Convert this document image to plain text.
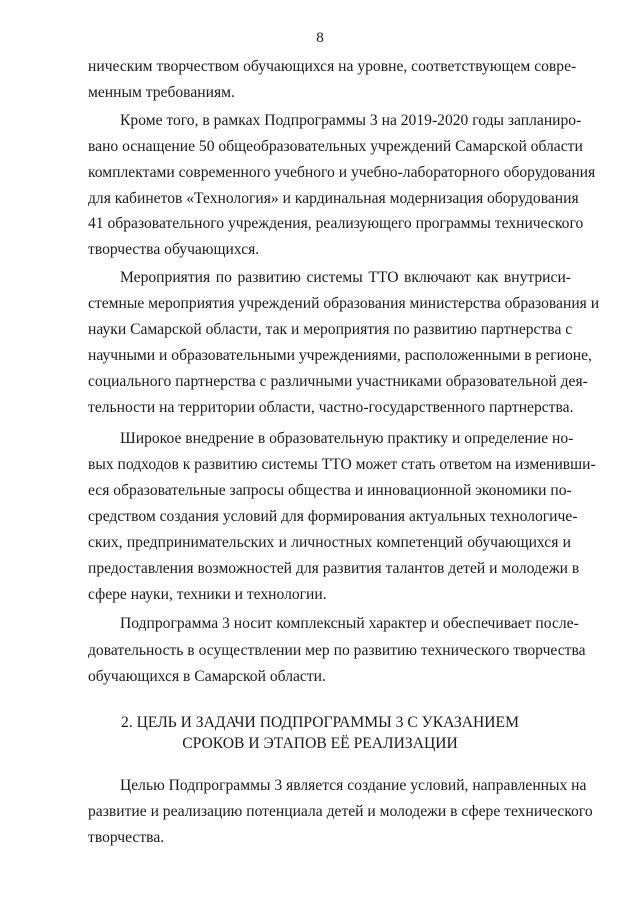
8
ническим творчеством обучающихся на уровне, соответствующем совре-
менным требованиям.
Кроме того, в рамках Подпрограммы 3 на 2019-2020 годы запланиро-
вано оснащение 50 общеобразовательных учреждений Самарской области
комплектами современного учебного и учебно-лабораторного оборудования
для кабинетов «Технология» и кардинальная модернизация оборудования
41 образовательного учреждения, реализующего программы технического
творчества обучающихся.
Мероприятия по развитию системы ТТО включают как внутриси-
стемные мероприятия учреждений образования министерства образования и
науки Самарской области, так и мероприятия по развитию партнерства с
научными и образовательными учреждениями, расположенными в регионе,
социального партнерства с различными участниками образовательной дея-
тельности на территории области, частно-государственного партнерства.
Широкое внедрение в образовательную практику и определение но-
вых подходов к развитию системы ТТО может стать ответом на изменивши-
еся образовательные запросы общества и инновационной экономики по-
средством создания условий для формирования актуальных технологиче-
ских, предпринимательских и личностных компетенций обучающихся и
предоставления возможностей для развития талантов детей и молодежи в
сфере науки, техники и технологии.
Подпрограмма 3 носит комплексный характер и обеспечивает после-
довательность в осуществлении мер по развитию технического творчества
обучающихся в Самарской области.
2. ЦЕЛЬ И ЗАДАЧИ ПОДПРОГРАММЫ 3 С УКАЗАНИЕМ
СРОКОВ И ЭТАПОВ ЕЁ РЕАЛИЗАЦИИ
Целью Подпрограммы 3 является создание условий, направленных на
развитие и реализацию потенциала детей и молодежи в сфере технического
творчества.
